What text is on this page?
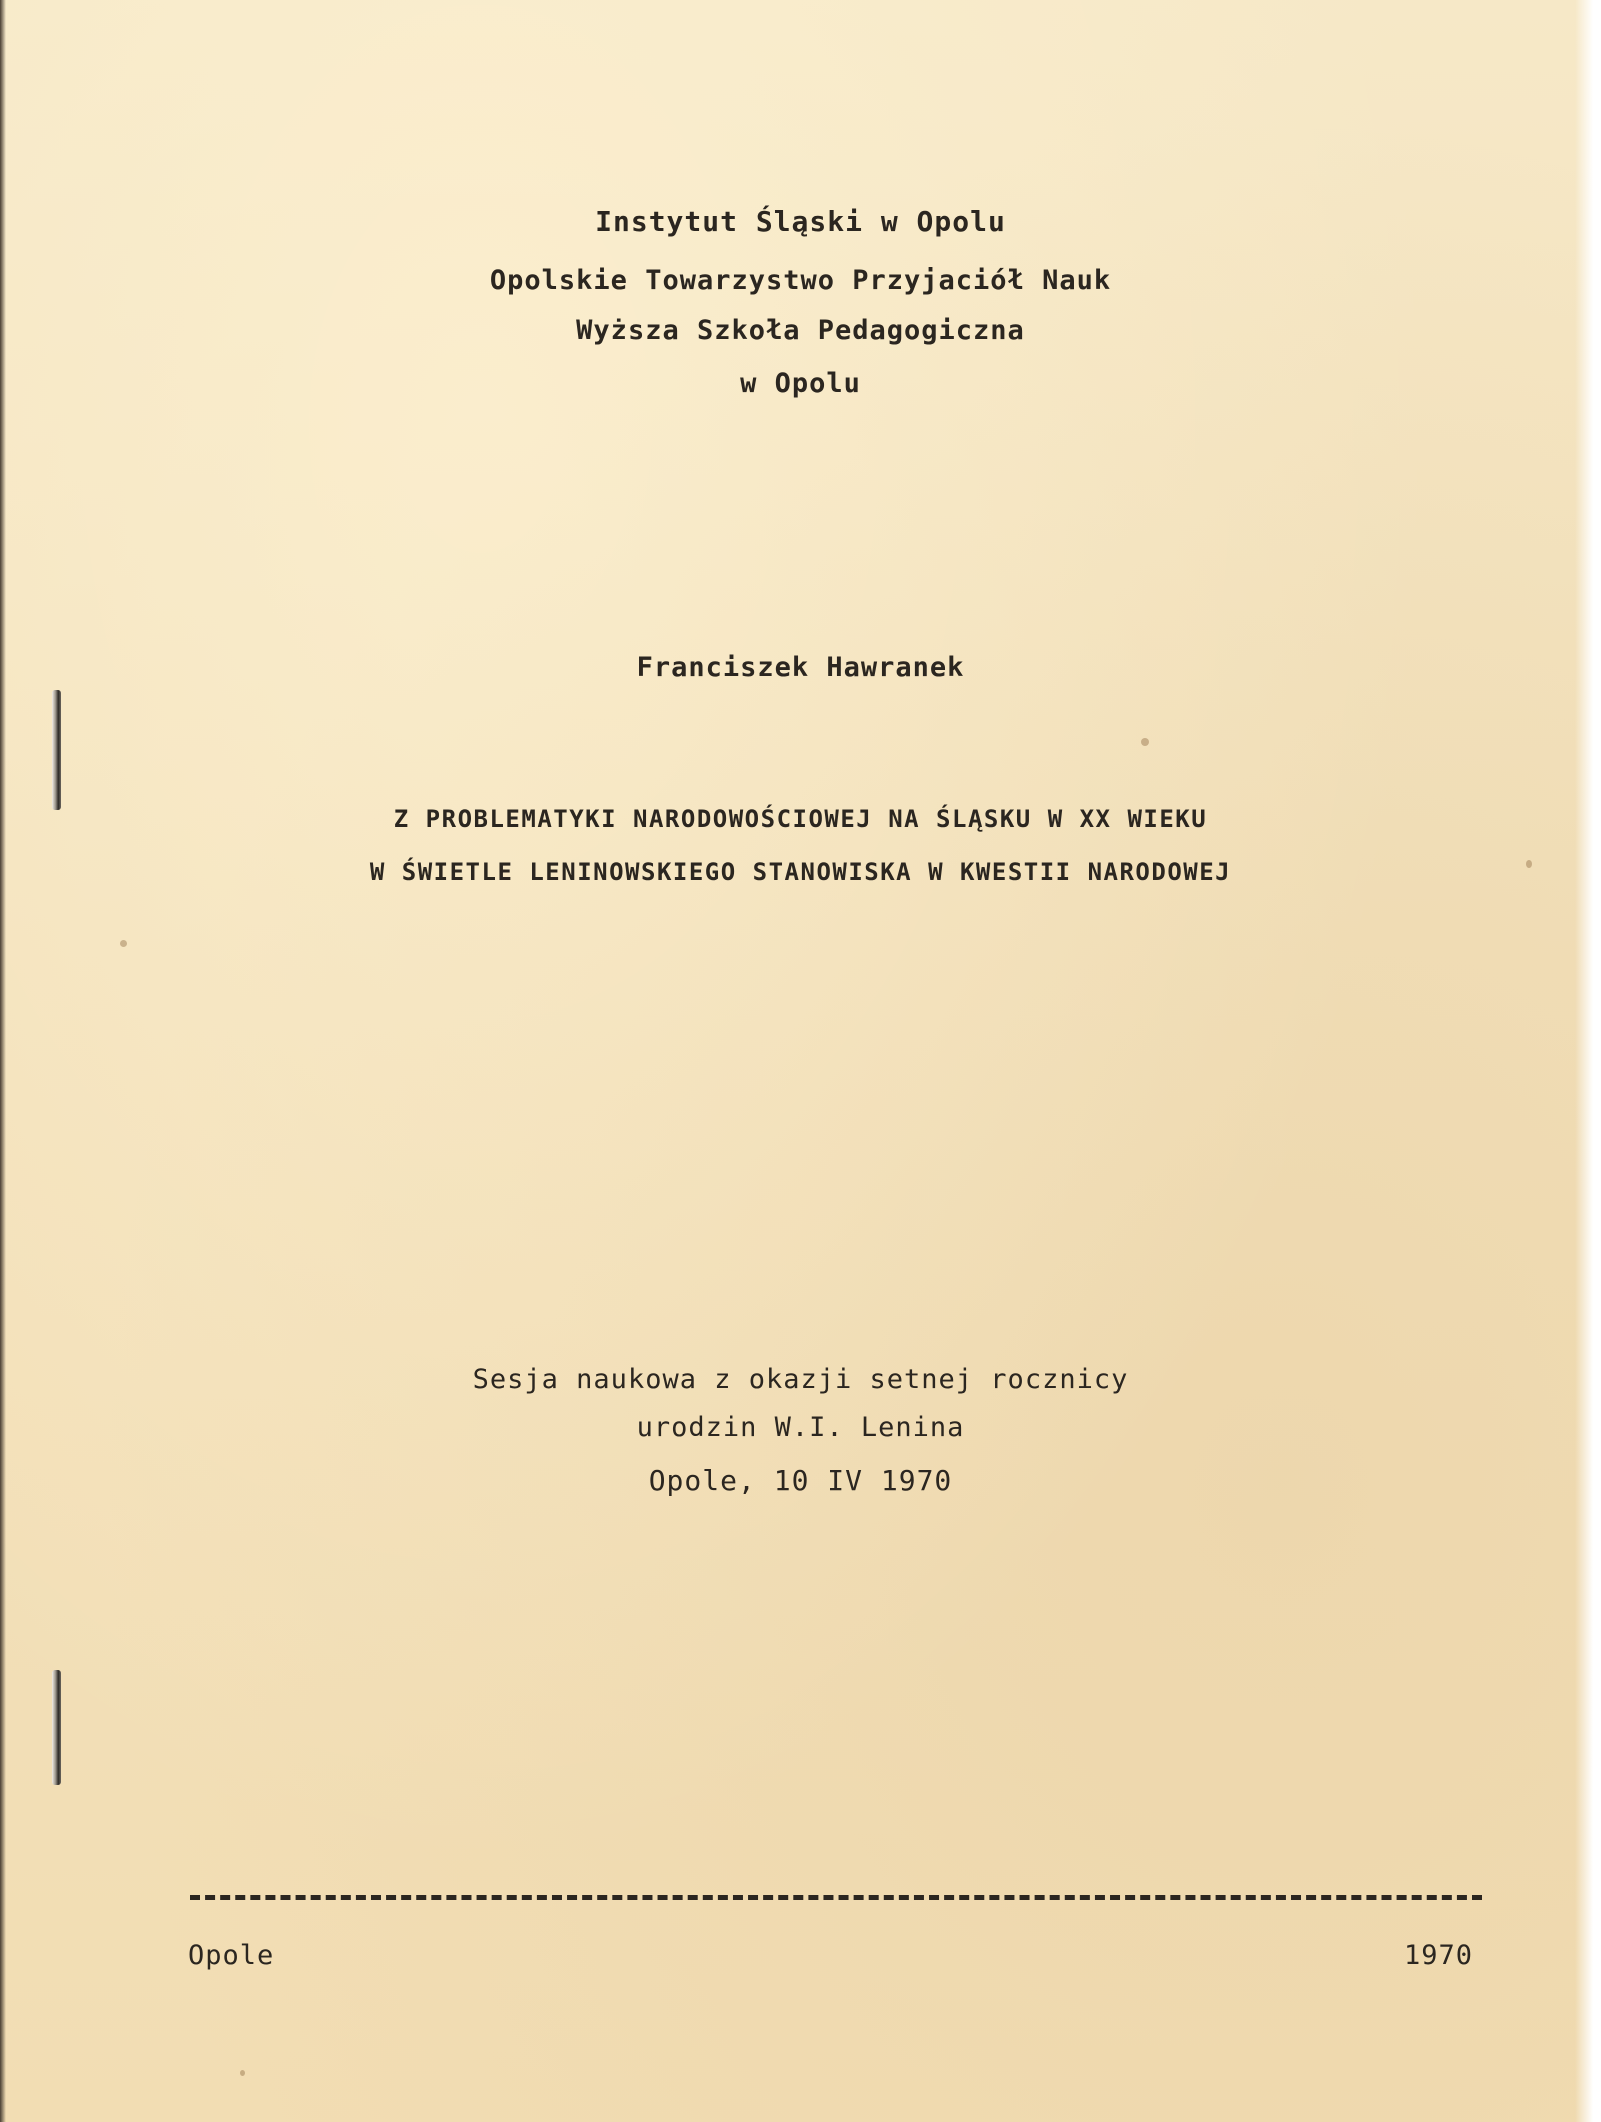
Instytut Śląski w Opolu
Opolskie Towarzystwo Przyjaciół Nauk
Wyższa Szkoła Pedagogiczna
w Opolu
Franciszek Hawranek
Z PROBLEMATYKI NARODOWOŚCIOWEJ NA ŚLĄSKU W XX WIEKU
W ŚWIETLE LENINOWSKIEGO STANOWISKA W KWESTII NARODOWEJ
Sesja naukowa z okazji setnej rocznicy
urodzin W.I. Lenina
Opole, 10 IV 1970
Opole	1970
